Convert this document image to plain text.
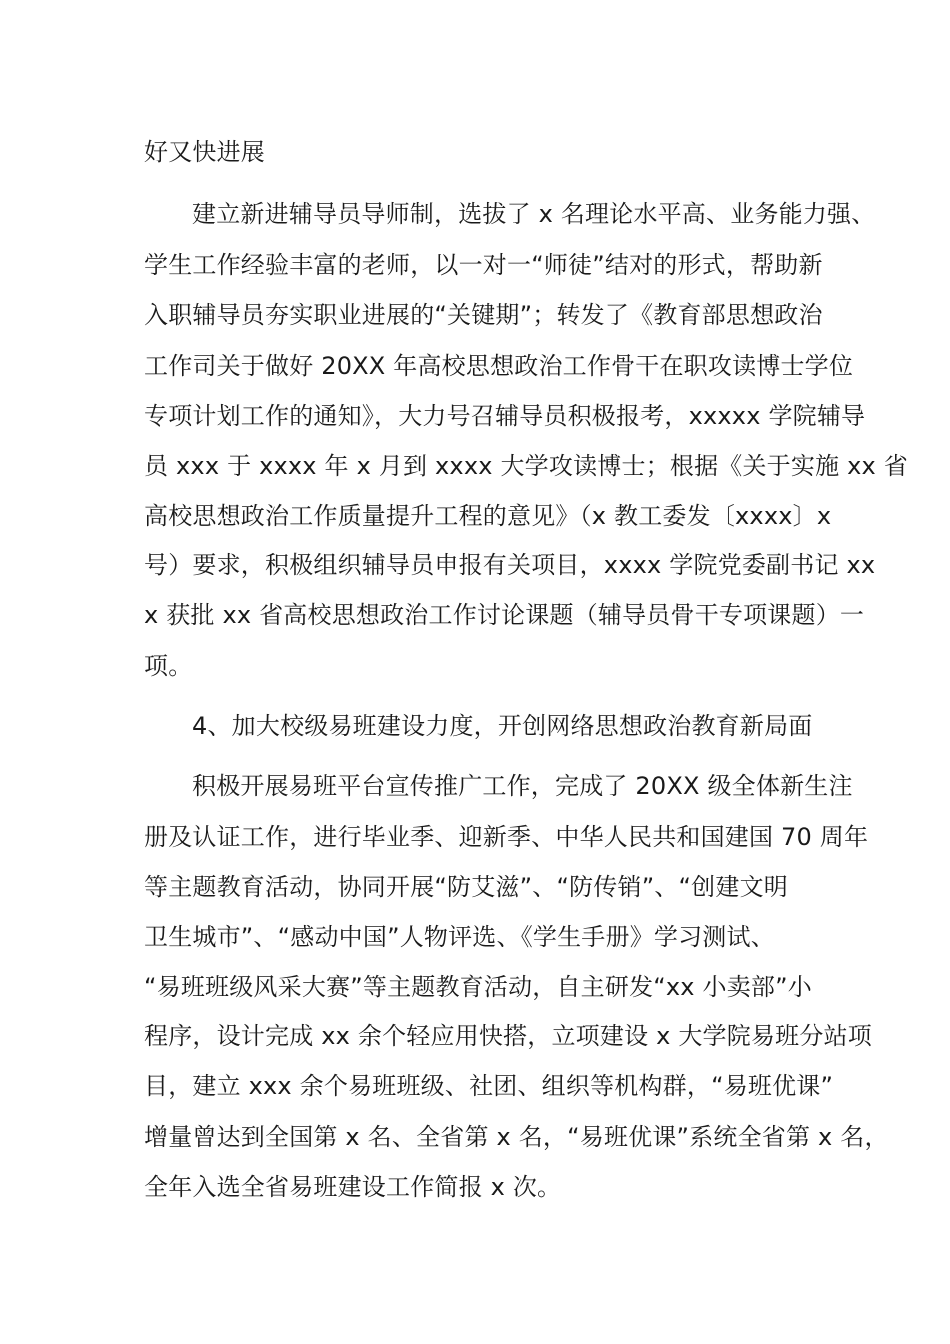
好又快进展
建立新进辅导员导师制，选拔了 x 名理论水平高、业务能力强、
学生工作经验丰富的老师，以一对一“师徒”结对的形式，帮助新
入职辅导员夯实职业进展的“关键期”；转发了《教育部思想政治
工作司关于做好 20XX 年高校思想政治工作骨干在职攻读博士学位
专项计划工作的通知》，大力号召辅导员积极报考，xxxxx 学院辅导
员 xxx 于 xxxx 年 x 月到 xxxx 大学攻读博士；根据《关于实施 xx 省
高校思想政治工作质量提升工程的意见》（x 教工委发〔xxxx〕x
号）要求，积极组织辅导员申报有关项目，xxxx 学院党委副书记 xx
x 获批 xx 省高校思想政治工作讨论课题（辅导员骨干专项课题）一
项。
4、加大校级易班建设力度，开创网络思想政治教育新局面
积极开展易班平台宣传推广工作，完成了 20XX 级全体新生注
册及认证工作，进行毕业季、迎新季、中华人民共和国建国 70 周年
等主题教育活动，协同开展“防艾滋”、“防传销”、“创建文明
卫生城市”、“感动中国”人物评选、《学生手册》学习测试、
“易班班级风采大赛”等主题教育活动，自主研发“xx 小卖部”小
程序，设计完成 xx 余个轻应用快搭，立项建设 x 大学院易班分站项
目，建立 xxx 余个易班班级、社团、组织等机构群，“易班优课”
增量曾达到全国第 x 名、全省第 x 名，“易班优课”系统全省第 x 名，
全年入选全省易班建设工作简报 x 次。
